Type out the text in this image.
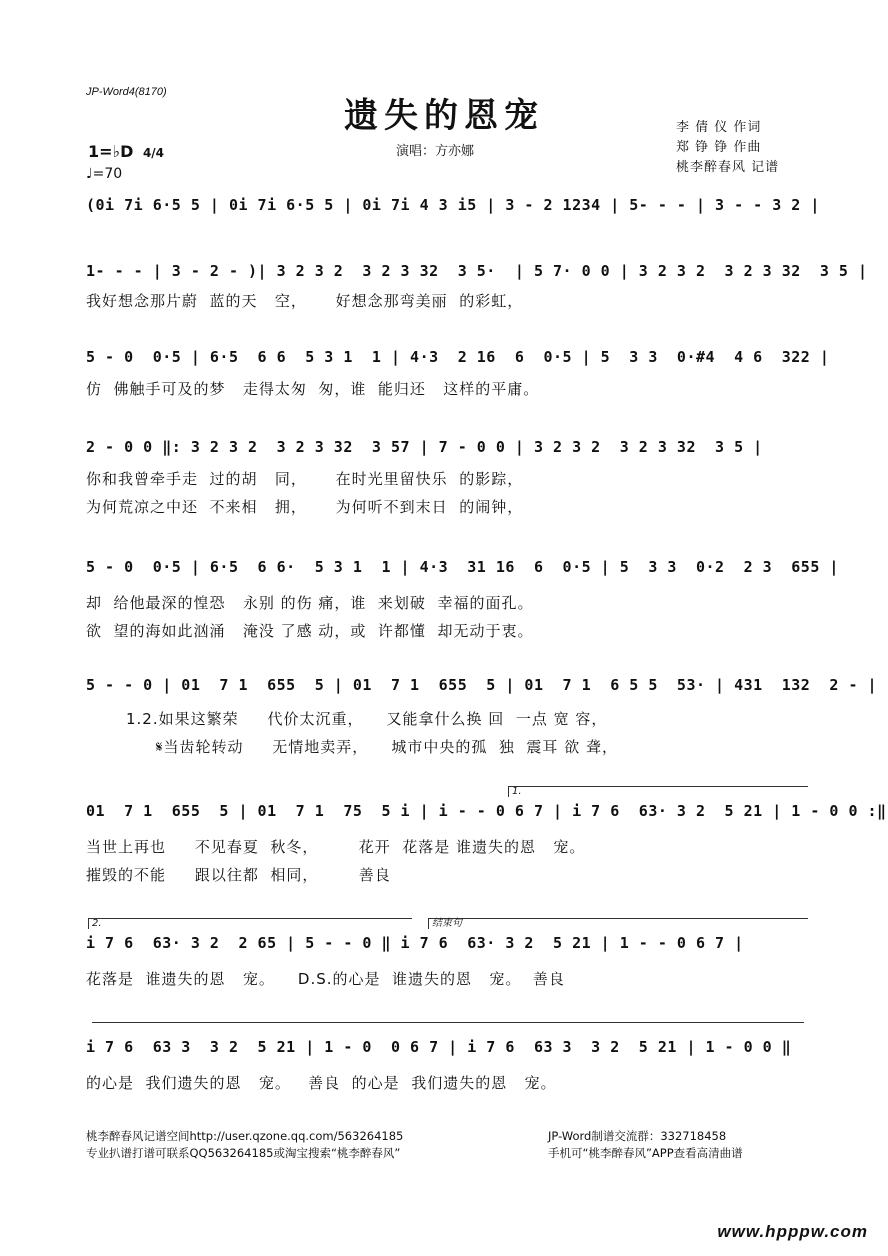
JP-Word4(8170)
遗失的恩宠
演唱：方亦娜
李 倩 仪 作词
郑 铮 铮 作曲
桃李醉春风 记谱
1=♭D 4/4
♩=70
(0i 7i 6·5 5 | 0i 7i 6·5 5 | 0i 7i 4 3 i5 | 3 - 2 1234 | 5- - - | 3 - - 3 2 |
1- - - | 3 - 2 - )| 3 2 3 2  3 2 3 32  3 5·  | 5 7· 0 0 | 3 2 3 2  3 2 3 32  3 5 |
我好想念那片蔚  蓝的天   空，     好想念那弯美丽  的彩虹，
5 - 0  0·5 | 6·5  6 6  5 3 1  1 | 4·3  2 16  6  0·5 | 5  3 3  0·#4  4 6  322 |
仿  佛触手可及的梦   走得太匆  匆，谁  能归还   这样的平庸。
2 - 0 0 ‖: 3 2 3 2  3 2 3 32  3 57 | 7 - 0 0 | 3 2 3 2  3 2 3 32  3 5 |
你和我曾牵手走  过的胡   同，     在时光里留快乐  的影踪，
为何荒凉之中还  不来相   拥，     为何听不到末日  的闹钟，
5 - 0  0·5 | 6·5  6 6·  5 3 1  1 | 4·3  31 16  6  0·5 | 5  3 3  0·2  2 3  655 |
却  给他最深的惶恐   永别 的伤 痛，谁  来划破  幸福的面孔。
欲  望的海如此汹涌   淹没 了感 动，或  许都懂  却无动于衷。
5 - - 0 | 01  7 1  655  5 | 01  7 1  655  5 | 01  7 1  6 5 5  53· | 431  132  2 - |
1.2.如果这繁荣     代价太沉重，    又能拿什么换 回  一点 宽 容，
𝄋当齿轮转动     无情地卖弄，    城市中央的孤  独  震耳 欲 聋，
1.
01  7 1  655  5 | 01  7 1  75  5 i | i - - 0 6 7 | i 7 6  63· 3 2  5 21 | 1 - 0 0 :‖
当世上再也     不见春夏  秋冬，       花开  花落是 谁遗失的恩   宠。
摧毁的不能     跟以往都  相同，       善良
2.	结束句
i 7 6  63· 3 2  2 65 | 5 - - 0 ‖ i 7 6  63· 3 2  5 21 | 1 - - 0 6 7 |
花落是  谁遗失的恩   宠。    D.S.的心是  谁遗失的恩   宠。  善良
i 7 6  63 3  3 2  5 21 | 1 - 0  0 6 7 | i 7 6  63 3  3 2  5 21 | 1 - 0 0 ‖
的心是  我们遗失的恩   宠。   善良  的心是  我们遗失的恩   宠。
桃李醉春风记谱空间http://user.qzone.qq.com/563264185
专业扒谱打谱可联系QQ563264185或淘宝搜索“桃李醉春风”
JP-Word制谱交流群：332718458
手机可“桃李醉春风”APP查看高清曲谱
www.hpppw.com
